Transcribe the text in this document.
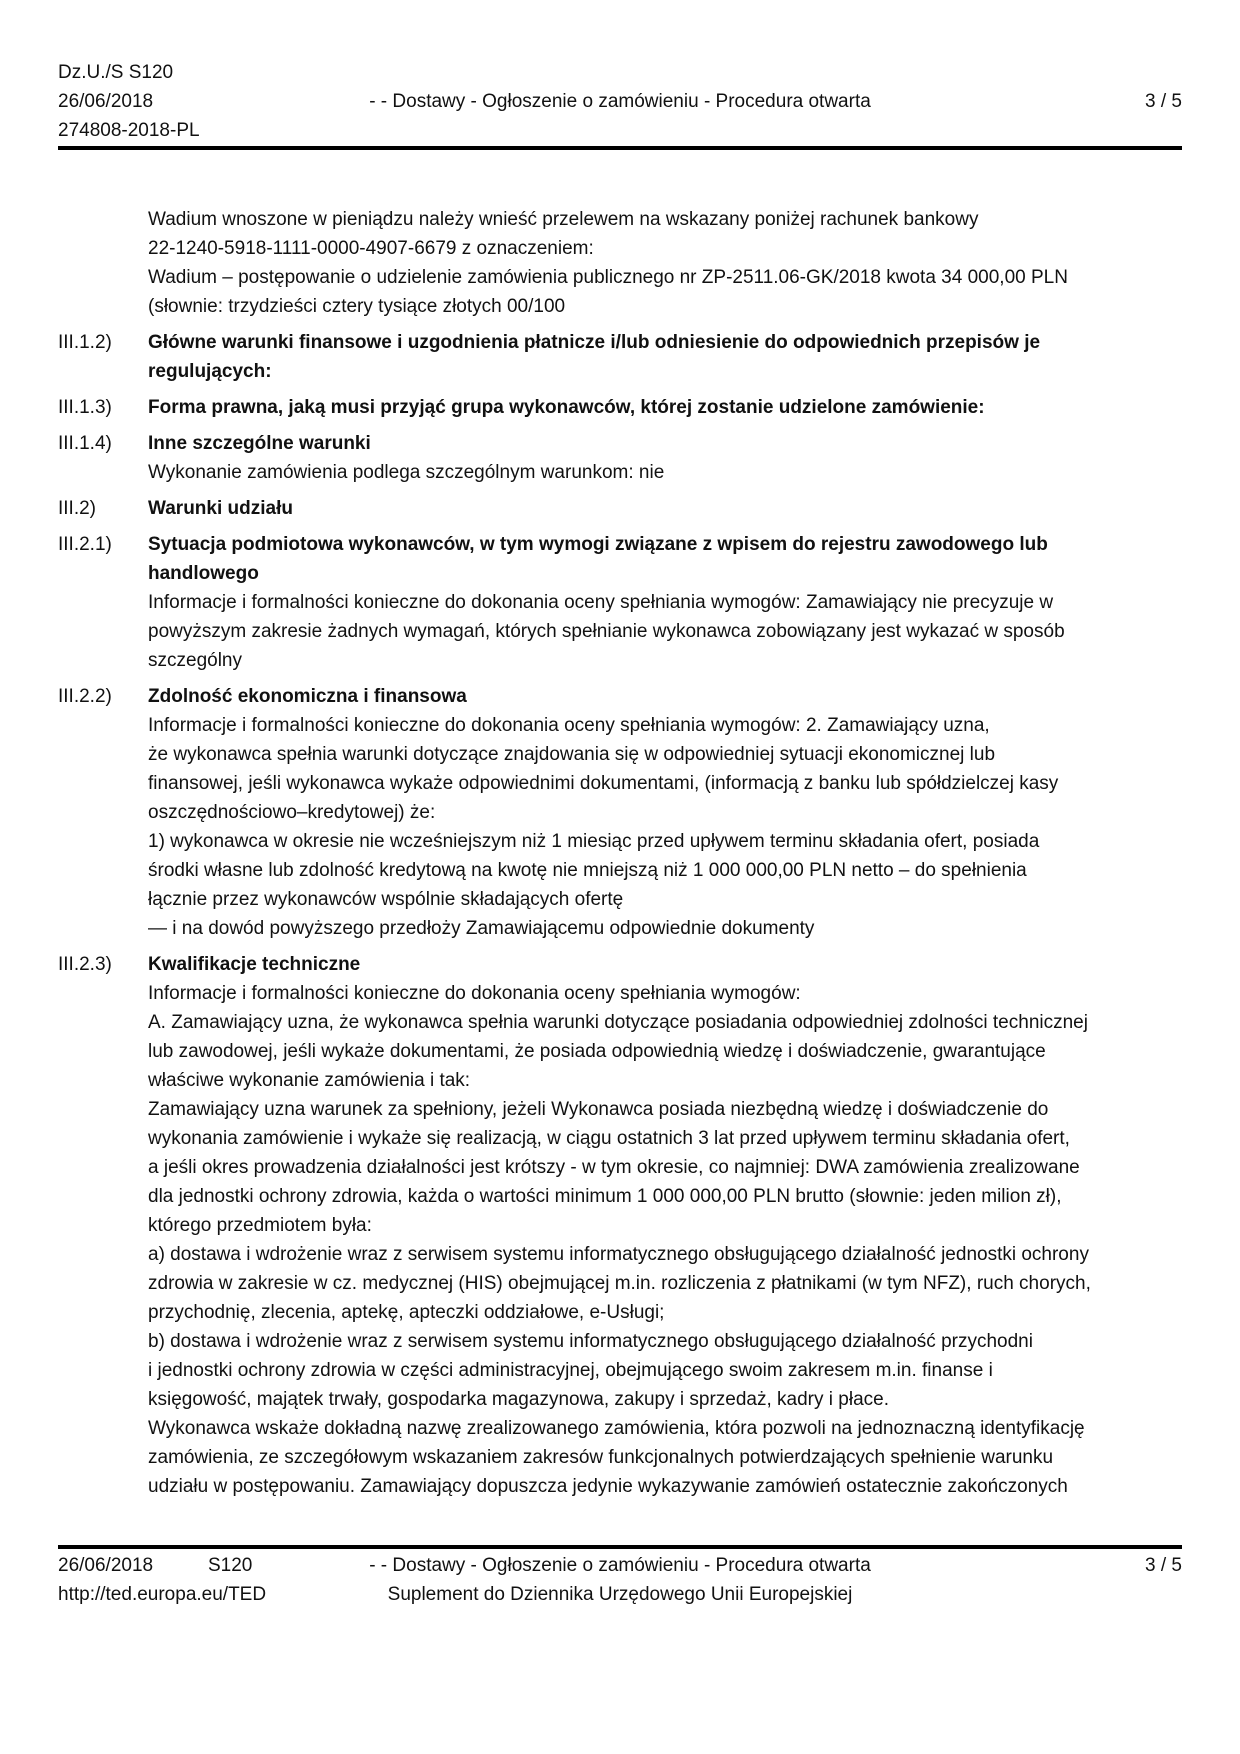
Dz.U./S S120
26/06/2018
274808-2018-PL
- - Dostawy - Ogłoszenie o zamówieniu - Procedura otwarta	3 / 5
Wadium wnoszone w pieniądzu należy wnieść przelewem na wskazany poniżej rachunek bankowy
22-1240-5918-1111-0000-4907-6679 z oznaczeniem:
Wadium – postępowanie o udzielenie zamówienia publicznego nr ZP-2511.06-GK/2018 kwota 34 000,00 PLN
(słownie: trzydzieści cztery tysiące złotych 00/100
III.1.2)	Główne warunki finansowe i uzgodnienia płatnicze i/lub odniesienie do odpowiednich przepisów je
regulujących:
III.1.3)	Forma prawna, jaką musi przyjąć grupa wykonawców, której zostanie udzielone zamówienie:
III.1.4)	Inne szczególne warunki
Wykonanie zamówienia podlega szczególnym warunkom: nie
III.2)	Warunki udziału
III.2.1)	Sytuacja podmiotowa wykonawców, w tym wymogi związane z wpisem do rejestru zawodowego lub
handlowego
Informacje i formalności konieczne do dokonania oceny spełniania wymogów: Zamawiający nie precyzuje w
powyższym zakresie żadnych wymagań, których spełnianie wykonawca zobowiązany jest wykazać w sposób
szczególny
III.2.2)	Zdolność ekonomiczna i finansowa
Informacje i formalności konieczne do dokonania oceny spełniania wymogów: 2. Zamawiający uzna,
że wykonawca spełnia warunki dotyczące znajdowania się w odpowiedniej sytuacji ekonomicznej lub
finansowej, jeśli wykonawca wykaże odpowiednimi dokumentami, (informacją z banku lub spółdzielczej kasy
oszczędnościowo–kredytowej) że:
1) wykonawca w okresie nie wcześniejszym niż 1 miesiąc przed upływem terminu składania ofert, posiada
środki własne lub zdolność kredytową na kwotę nie mniejszą niż 1 000 000,00 PLN netto – do spełnienia
łącznie przez wykonawców wspólnie składających ofertę
— i na dowód powyższego przedłoży Zamawiającemu odpowiednie dokumenty
III.2.3)	Kwalifikacje techniczne
Informacje i formalności konieczne do dokonania oceny spełniania wymogów:
A. Zamawiający uzna, że wykonawca spełnia warunki dotyczące posiadania odpowiedniej zdolności technicznej
lub zawodowej, jeśli wykaże dokumentami, że posiada odpowiednią wiedzę i doświadczenie, gwarantujące
właściwe wykonanie zamówienia i tak:
Zamawiający uzna warunek za spełniony, jeżeli Wykonawca posiada niezbędną wiedzę i doświadczenie do
wykonania zamówienie i wykaże się realizacją, w ciągu ostatnich 3 lat przed upływem terminu składania ofert,
a jeśli okres prowadzenia działalności jest krótszy - w tym okresie, co najmniej: DWA zamówienia zrealizowane
dla jednostki ochrony zdrowia, każda o wartości minimum 1 000 000,00 PLN brutto (słownie: jeden milion zł),
którego przedmiotem była:
a) dostawa i wdrożenie wraz z serwisem systemu informatycznego obsługującego działalność jednostki ochrony
zdrowia w zakresie w cz. medycznej (HIS) obejmującej m.in. rozliczenia z płatnikami (w tym NFZ), ruch chorych,
przychodnię, zlecenia, aptekę, apteczki oddziałowe, e-Usługi;
b) dostawa i wdrożenie wraz z serwisem systemu informatycznego obsługującego działalność przychodni
i jednostki ochrony zdrowia w części administracyjnej, obejmującego swoim zakresem m.in. finanse i
księgowość, majątek trwały, gospodarka magazynowa, zakupy i sprzedaż, kadry i płace.
Wykonawca wskaże dokładną nazwę zrealizowanego zamówienia, która pozwoli na jednoznaczną identyfikację
zamówienia, ze szczegółowym wskazaniem zakresów funkcjonalnych potwierdzających spełnienie warunku
udziału w postępowaniu. Zamawiający dopuszcza jedynie wykazywanie zamówień ostatecznie zakończonych
26/06/2018	S120
http://ted.europa.eu/TED
- - Dostawy - Ogłoszenie o zamówieniu - Procedura otwarta
Suplement do Dziennika Urzędowego Unii Europejskiej
3 / 5
